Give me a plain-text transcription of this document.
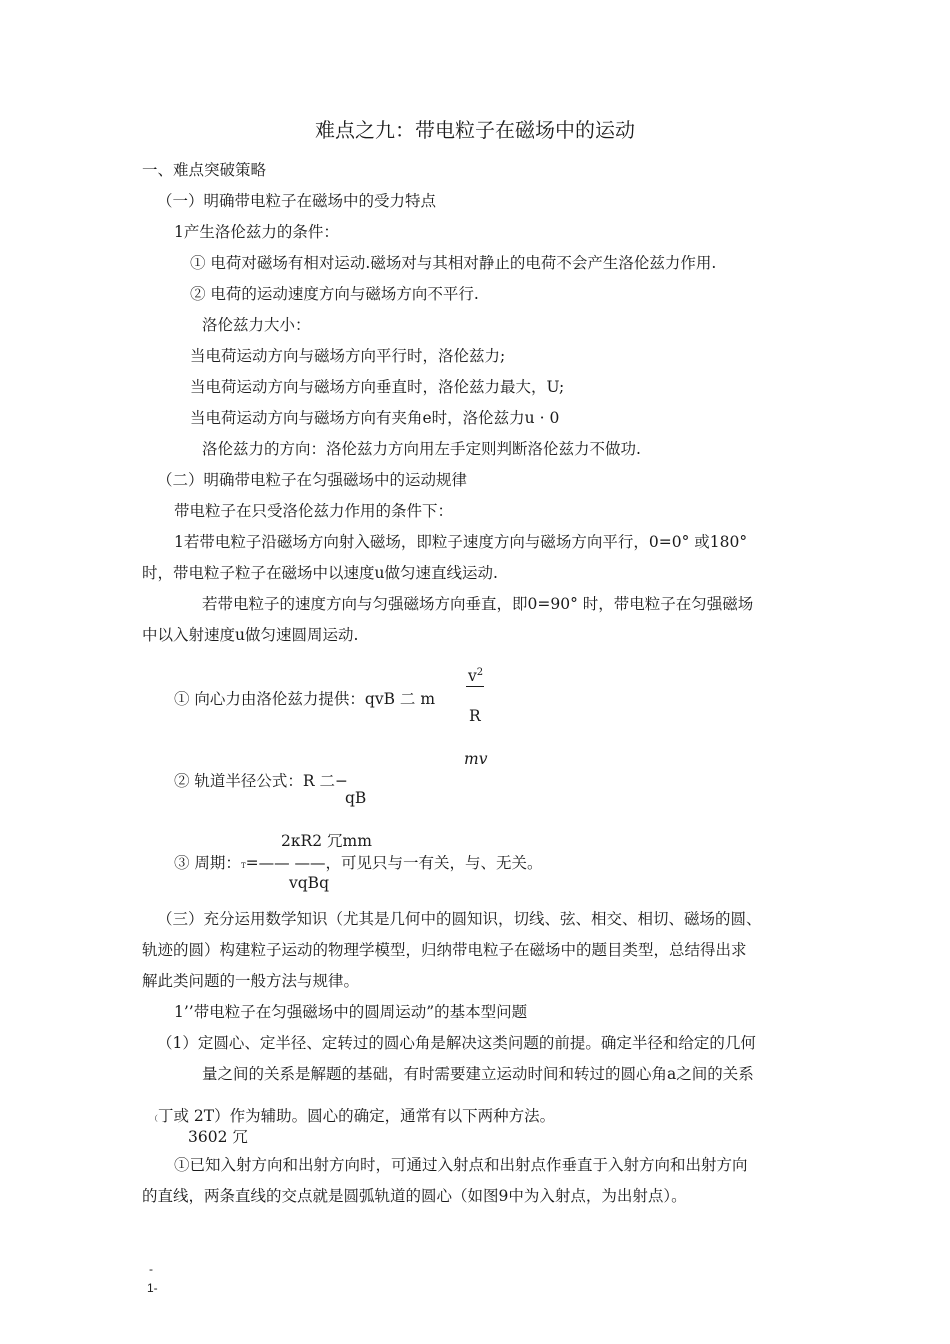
难点之九：带电粒子在磁场中的运动
一、难点突破策略
（一）明确带电粒子在磁场中的受力特点
1产生洛伦兹力的条件：
① 电荷对磁场有相对运动.磁场对与其相对静止的电荷不会产生洛伦兹力作用.
② 电荷的运动速度方向与磁场方向不平行.
洛伦兹力大小：
当电荷运动方向与磁场方向平行时，洛伦兹力;
当电荷运动方向与磁场方向垂直时，洛伦兹力最大，U;
当电荷运动方向与磁场方向有夹角e时，洛伦兹力u · 0
洛伦兹力的方向：洛伦兹力方向用左手定则判断洛伦兹力不做功.
（二）明确带电粒子在匀强磁场中的运动规律
带电粒子在只受洛伦兹力作用的条件下：
1若带电粒子沿磁场方向射入磁场，即粒子速度方向与磁场方向平行，0=0° 或180°
时，带电粒子粒子在磁场中以速度u做匀速直线运动.
若带电粒子的速度方向与匀强磁场方向垂直，即0=90° 时，带电粒子在匀强磁场
中以入射速度u做匀速圆周运动.
$v^2$
① 向心力由洛伦兹力提供：qvB 二 m
R
mv
② 轨道半径公式：R 二−
qB
2κR2 冗mm
③ 周期：T=—— ——，可见只与一有关，与、无关。
vqBq
（三）充分运用数学知识（尤其是几何中的圆知识，切线、弦、相交、相切、磁场的圆、
轨迹的圆）构建粒子运动的物理学模型，归纳带电粒子在磁场中的题目类型，总结得出求
解此类问题的一般方法与规律。
1’’带电粒子在匀强磁场中的圆周运动”的基本型问题
（1）定圆心、定半径、定转过的圆心角是解决这类问题的前提。确定半径和给定的几何
量之间的关系是解题的基础，有时需要建立运动时间和转过的圆心角a之间的关系
（丁或 2T）作为辅助。圆心的确定，通常有以下两种方法。
3602 冗
①已知入射方向和出射方向时，可通过入射点和出射点作垂直于入射方向和出射方向
的直线，两条直线的交点就是圆弧轨道的圆心（如图9中为入射点，为出射点）。
-
1-
